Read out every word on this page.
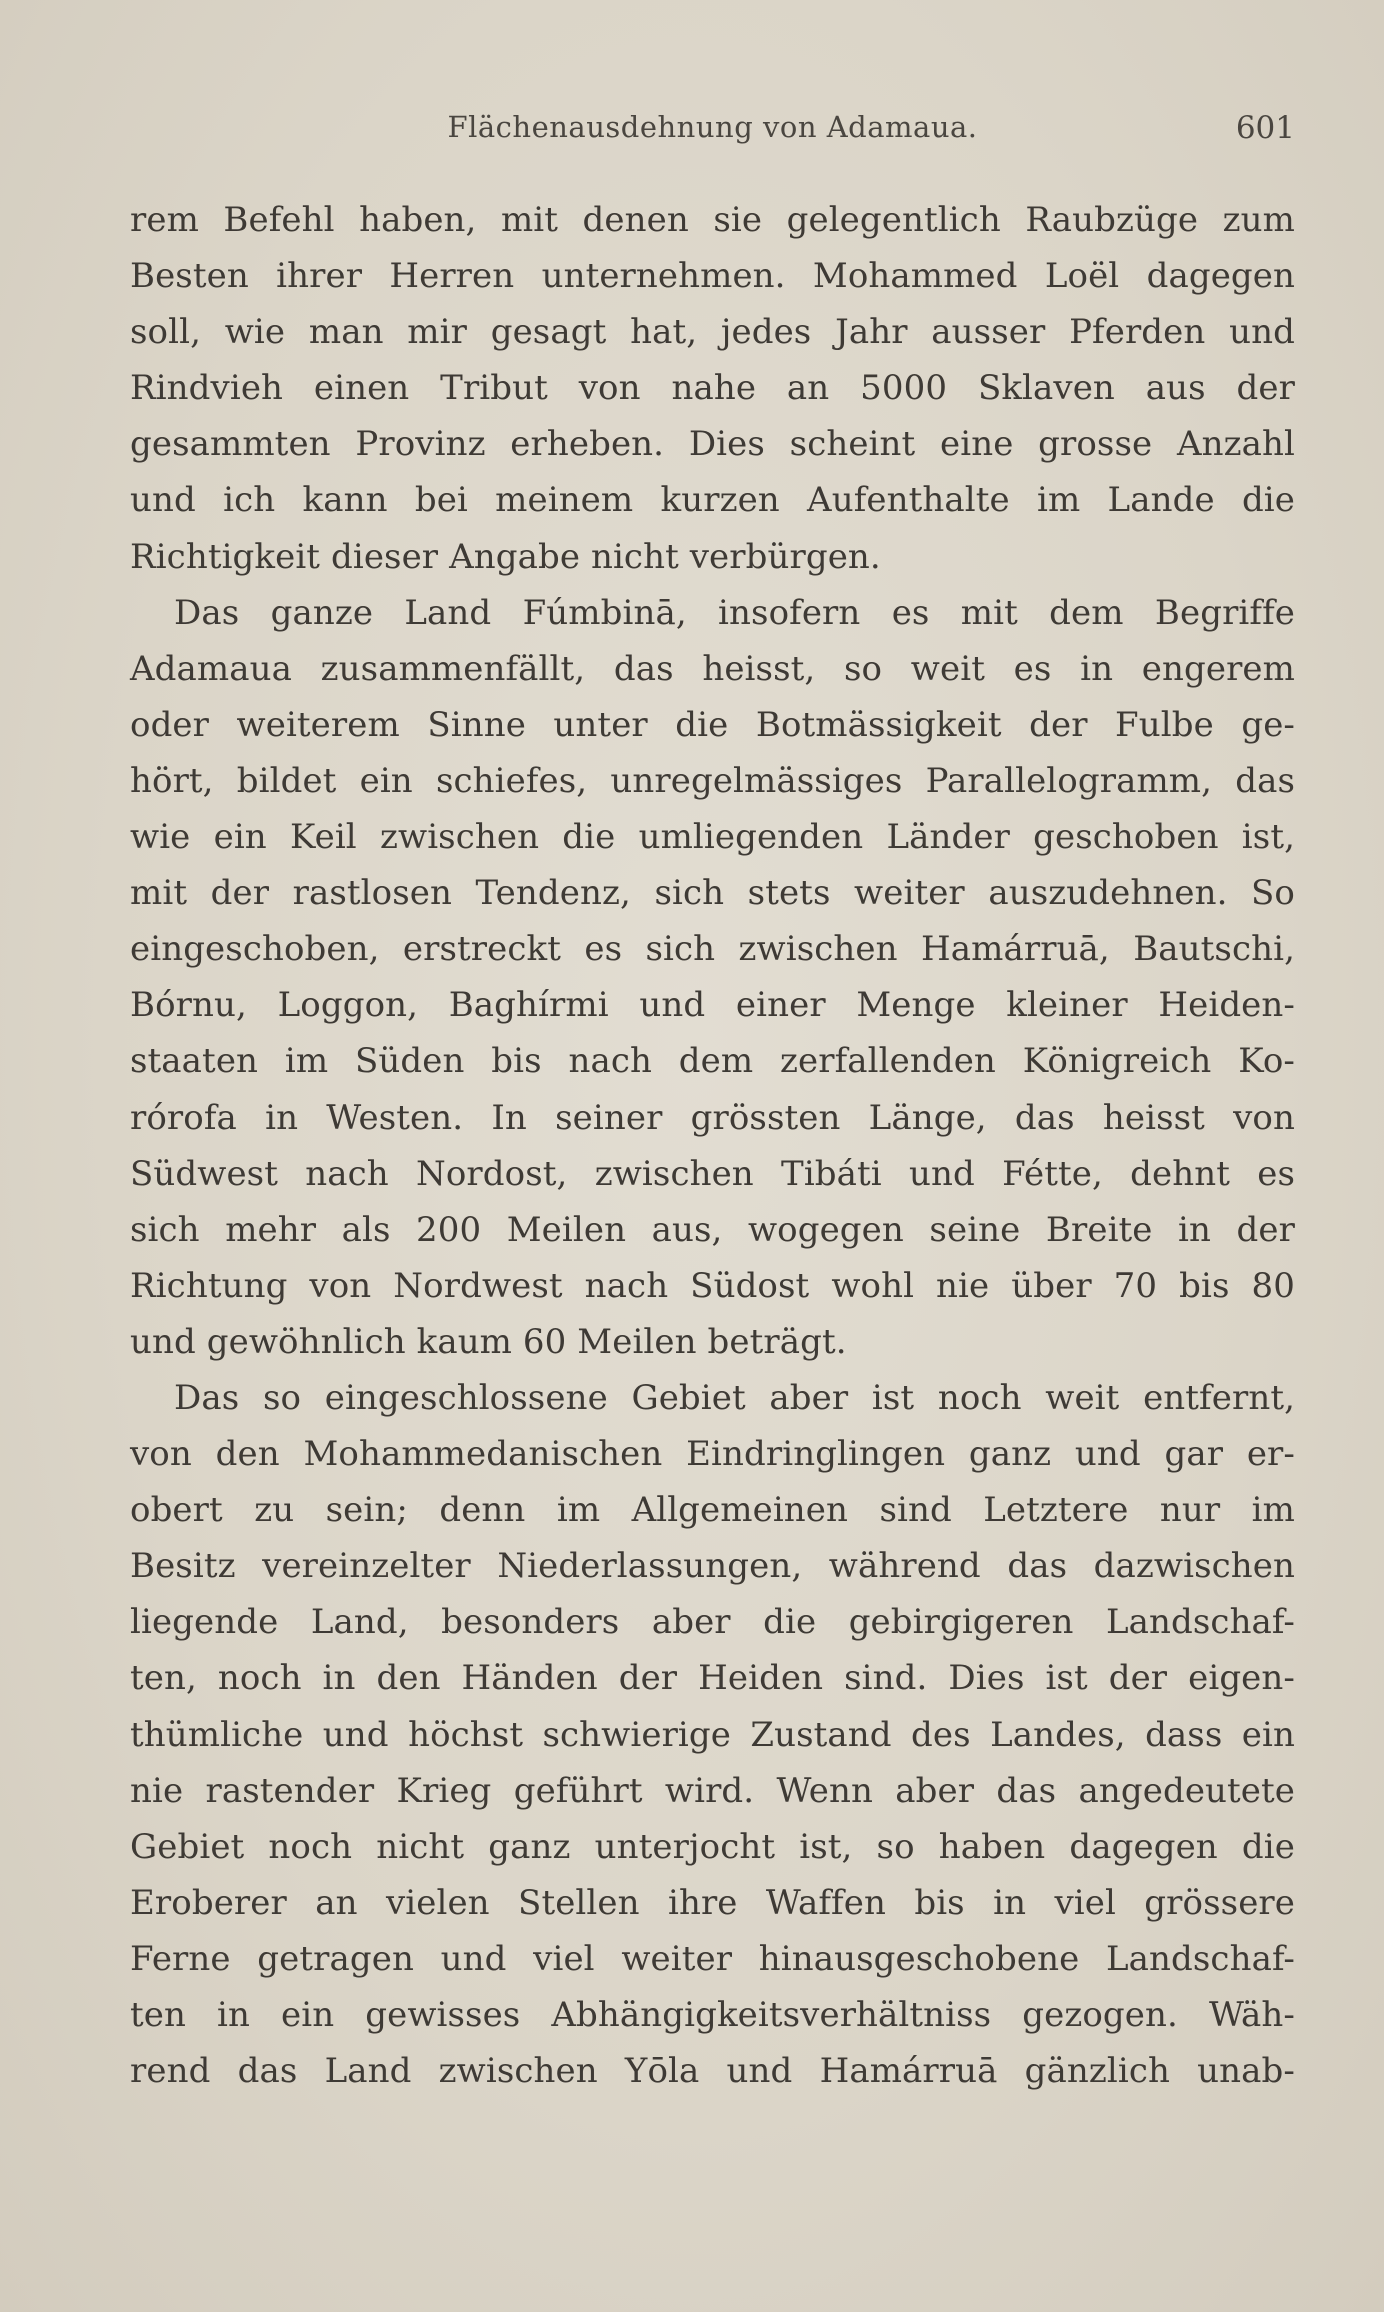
Flächenausdehnung von Adamaua.	601
rem Befehl haben, mit denen sie gelegentlich Raubzüge zum
Besten ihrer Herren unternehmen. Mohammed Loël dagegen
soll, wie man mir gesagt hat, jedes Jahr ausser Pferden und
Rindvieh einen Tribut von nahe an 5000 Sklaven aus der
gesammten Provinz erheben. Dies scheint eine grosse Anzahl
und ich kann bei meinem kurzen Aufenthalte im Lande die
Richtigkeit dieser Angabe nicht verbürgen.
Das ganze Land Fúmbinā, insofern es mit dem Begriffe
Adamaua zusammenfällt, das heisst, so weit es in engerem
oder weiterem Sinne unter die Botmässigkeit der Fulbe ge-
hört, bildet ein schiefes, unregelmässiges Parallelogramm, das
wie ein Keil zwischen die umliegenden Länder geschoben ist,
mit der rastlosen Tendenz, sich stets weiter auszudehnen. So
eingeschoben, erstreckt es sich zwischen Hamárruā, Bautschi,
Bórnu, Loggon, Baghírmi und einer Menge kleiner Heiden-
staaten im Süden bis nach dem zerfallenden Königreich Ko-
rórofa in Westen. In seiner grössten Länge, das heisst von
Südwest nach Nordost, zwischen Tibáti und Fétte, dehnt es
sich mehr als 200 Meilen aus, wogegen seine Breite in der
Richtung von Nordwest nach Südost wohl nie über 70 bis 80
und gewöhnlich kaum 60 Meilen beträgt.
Das so eingeschlossene Gebiet aber ist noch weit entfernt,
von den Mohammedanischen Eindringlingen ganz und gar er-
obert zu sein; denn im Allgemeinen sind Letztere nur im
Besitz vereinzelter Niederlassungen, während das dazwischen
liegende Land, besonders aber die gebirgigeren Landschaf-
ten, noch in den Händen der Heiden sind. Dies ist der eigen-
thümliche und höchst schwierige Zustand des Landes, dass ein
nie rastender Krieg geführt wird. Wenn aber das angedeutete
Gebiet noch nicht ganz unterjocht ist, so haben dagegen die
Eroberer an vielen Stellen ihre Waffen bis in viel grössere
Ferne getragen und viel weiter hinausgeschobene Landschaf-
ten in ein gewisses Abhängigkeitsverhältniss gezogen. Wäh-
rend das Land zwischen Yōla und Hamárruā gänzlich unab-
